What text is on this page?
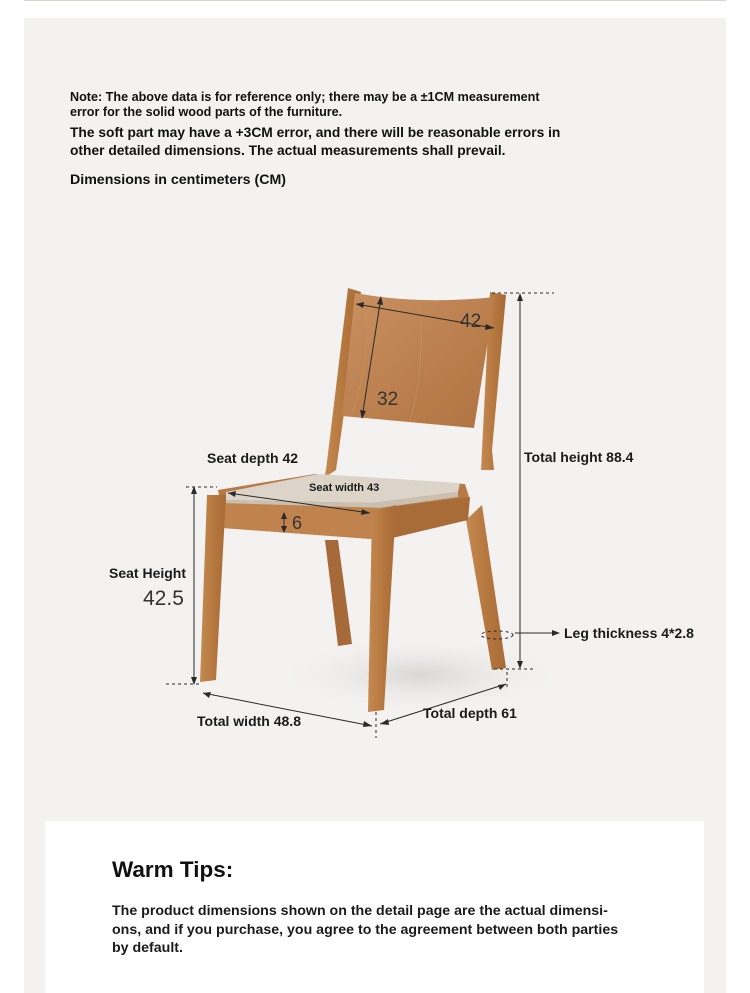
Note: The above data is for reference only; there may be a ±1CM measurement error for the solid wood parts of the furniture.
The soft part may have a +3CM error, and there will be reasonable errors in other detailed dimensions. The actual measurements shall prevail.
Dimensions in centimeters (CM)
42
32
Seat depth 42
Seat width 43
6
Total height 88.4
Seat Height
42.5
Leg thickness 4*2.8
Total width 48.8	Total depth 61
Warm Tips:

The product dimensions shown on the detail page are the actual dimensi-ons, and if you purchase, you agree to the agreement between both parties by default.
